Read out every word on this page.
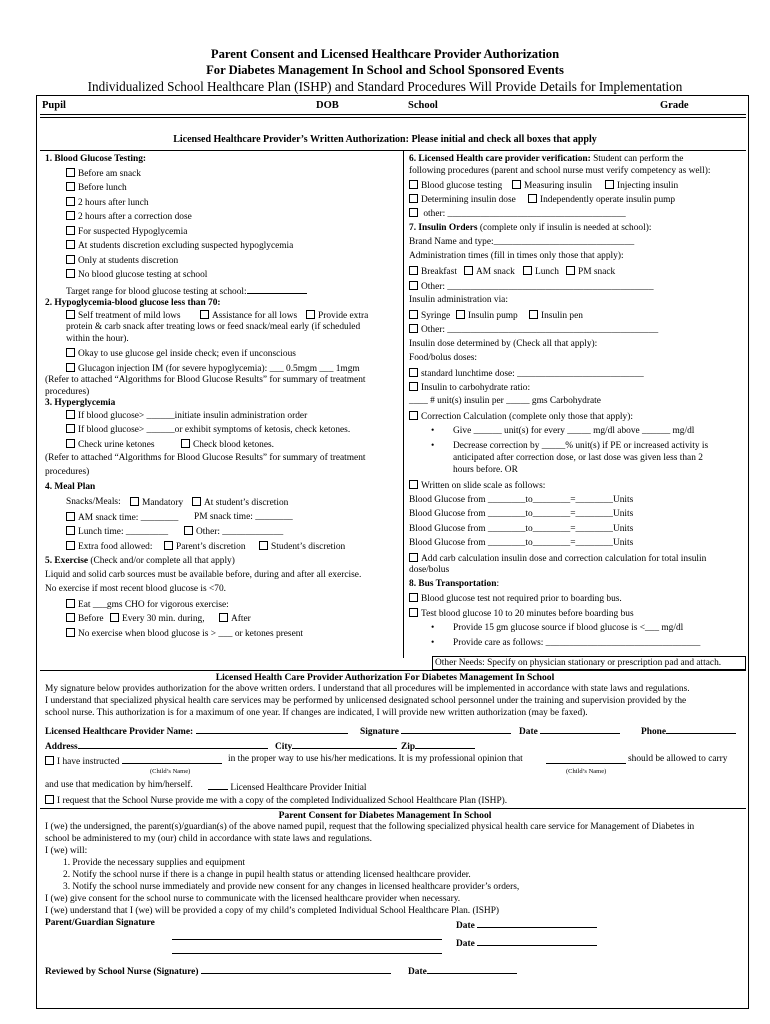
Parent Consent and Licensed Healthcare Provider Authorization
For Diabetes Management In School and School Sponsored Events
Individualized School Healthcare Plan (ISHP) and Standard Procedures Will Provide Details for Implementation
Pupil	DOB	School	Grade
Licensed Healthcare Provider’s Written Authorization: Please initial and check all boxes that apply
1. Blood Glucose Testing:
Before am snack
Before lunch
2 hours after lunch
2 hours after a correction dose
For suspected Hypoglycemia
At students discretion excluding suspected hypoglycemia
Only at students discretion
No blood glucose testing at school
Target range for blood glucose testing at school:
2. Hypoglycemia-blood glucose less than 70:
Self treatment of mild lows	Assistance for all lows	Provide extra
protein & carb snack after treating lows or feed snack/meal early (if scheduled
within the hour).
Okay to use glucose gel inside check; even if unconscious
Glucagon injection IM (for severe hypoglycemia): ___ 0.5mgm ___ 1mgm
(Refer to attached “Algorithms for Blood Glucose Results” for summary of treatment
procedures)
3. Hyperglycemia
If blood glucose> ______initiate insulin administration order
If blood glucose> ______or exhibit symptoms of ketosis, check ketones.
Check urine ketones	Check blood ketones.
(Refer to attached “Algorithms for Blood Glucose Results” for summary of treatment
procedures)
4. Meal Plan
Snacks/Meals:	Mandatory	At student’s discretion
AM snack time: ________ PM snack time: ________
Lunch time: _________	Other: _____________
Extra food allowed:	Parent’s discretion	Student’s discretion
5. Exercise (Check and/or complete all that apply)
Liquid and solid carb sources must be available before, during and after all exercise.
No exercise if most recent blood glucose is <70.
Eat ___gms CHO for vigorous exercise:
Before	Every 30 min. during,	After
No exercise when blood glucose is > ___ or ketones present
6. Licensed Health care provider verification: Student can perform the
following procedures (parent and school nurse must verify competency as well):
Blood glucose testing	Measuring insulin	Injecting insulin
Determining insulin dose	Independently operate insulin pump
other: ______________________________________
7. Insulin Orders (complete only if insulin is needed at school):
Brand Name and type:______________________________
Administration times (fill in times only those that apply):
Breakfast	AM snack	Lunch	PM snack
Other: ____________________________________________
Insulin administration via:
Syringe	Insulin pump	Insulin pen
Other: _____________________________________________
Insulin dose determined by (Check all that apply):
Food/bolus doses:
standard lunchtime dose: ___________________________
Insulin to carbohydrate ratio:
____ # unit(s) insulin per _____ gms Carbohydrate
Correction Calculation (complete only those that apply):
• Give ______ unit(s) for every _____ mg/dl above ______ mg/dl
• Decrease correction by _____% unit(s) if PE or increased activity is
anticipated after correction dose, or last dose was given less than 2
hours before. OR
Written on slide scale as follows:
Blood Glucose from ________to________=________Units
Blood Glucose from ________to________=________Units
Blood Glucose from ________to________=________Units
Blood Glucose from ________to________=________Units
Add carb calculation insulin dose and correction calculation for total insulin
dose/bolus
8. Bus Transportation:
Blood glucose test not required prior to boarding bus.
Test blood glucose 10 to 20 minutes before boarding bus
• Provide 15 gm glucose source if blood glucose is <___ mg/dl
• Provide care as follows: _________________________________
Other Needs: Specify on physician stationary or prescription pad and attach.
Licensed Health Care Provider Authorization For Diabetes Management In School
My signature below provides authorization for the above written orders. I understand that all procedures will be implemented in accordance with state laws and regulations.
I understand that specialized physical health care services may be performed by unlicensed designated school personnel under the training and supervision provided by the
school nurse. This authorization is for a maximum of one year. If changes are indicated, I will provide new written authorization (may be faxed).
Licensed Healthcare Provider Name:	Signature	Date	Phone
Address	City	Zip
I have instructed	in the proper way to use his/her medications. It is my professional opinion that	should be allowed to carry
(Child’s Name)	(Child’s Name)
and use that medication by him/herself.	Licensed Healthcare Provider Initial
I request that the School Nurse provide me with a copy of the completed Individualized School Healthcare Plan (ISHP).
Parent Consent for Diabetes Management In School
I (we) the undersigned, the parent(s)/guardian(s) of the above named pupil, request that the following specialized physical health care service for Management of Diabetes in
school be administered to my (our) child in accordance with state laws and regulations.
I (we) will:
1. Provide the necessary supplies and equipment
2. Notify the school nurse if there is a change in pupil health status or attending licensed healthcare provider.
3. Notify the school nurse immediately and provide new consent for any changes in licensed healthcare provider’s orders,
I (we) give consent for the school nurse to communicate with the licensed healthcare provider when necessary.
I (we) understand that I (we) will be provided a copy of my child’s completed Individual School Healthcare Plan. (ISHP)
Parent/Guardian Signature	Date
Date
Reviewed by School Nurse (Signature)	Date
